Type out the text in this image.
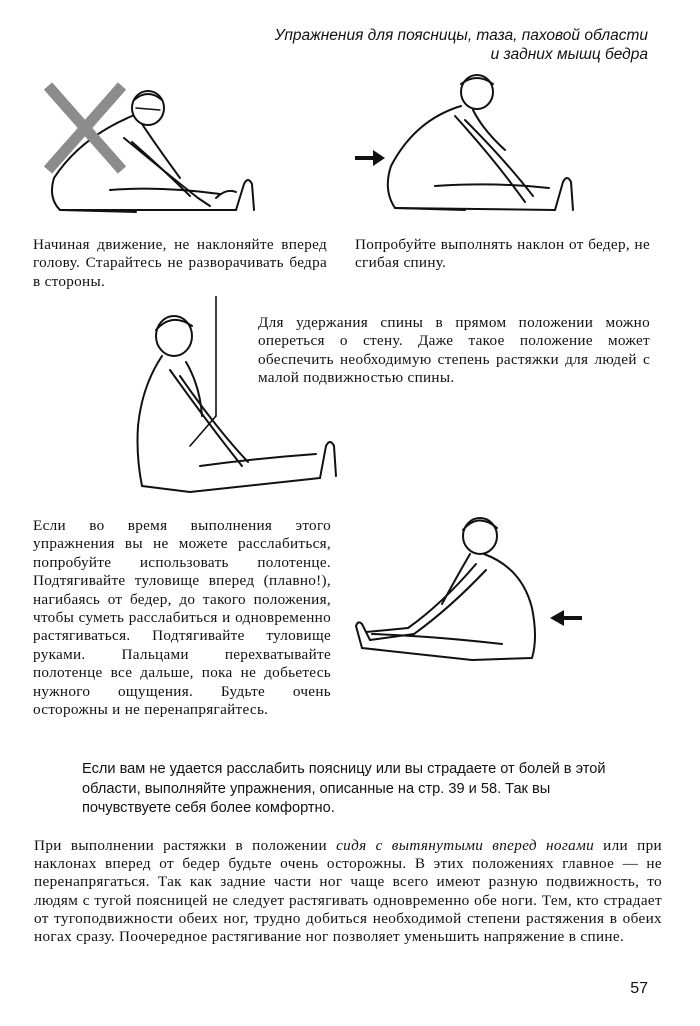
Упражнения для поясницы, таза, паховой области
и задних мышц бедра

Начиная движение, не наклоняйте вперед голову. Старайтесь не разворачивать бедра в стороны.

Попробуйте выполнять наклон от бедер, не сгибая спину.

Для удержания спины в прямом положении можно опереться о стену. Даже такое положение может обеспечить необходимую степень растяжки для людей с малой подвижностью спины.

Если во время выполнения этого упражнения вы не можете расслабиться, попробуйте использовать полотенце. Подтягивайте туловище вперед (плавно!), нагибаясь от бедер, до такого положения, чтобы суметь расслабиться и одновременно растягиваться. Подтягивайте туловище руками. Пальцами перехватывайте полотенце все дальше, пока не добьетесь нужного ощущения. Будьте очень осторожны и не перенапрягайтесь.

Если вам не удается расслабить поясницу или вы страдаете от болей в этой области, выполняйте упражнения, описанные на стр. 39 и 58. Так вы почувствуете себя более комфортно.

При выполнении растяжки в положении сидя с вытянутыми вперед ногами или при наклонах вперед от бедер будьте очень осторожны. В этих положениях главное — не перенапрягаться. Так как задние части ног чаще всего имеют разную подвижность, то людям с тугой поясницей не следует растягивать одновременно обе ноги. Тем, кто страдает от тугоподвижности обеих ног, трудно добиться необходимой степени растяжения в обеих ногах сразу. Поочередное растягивание ног позволяет уменьшить напряжение в спине.

57
